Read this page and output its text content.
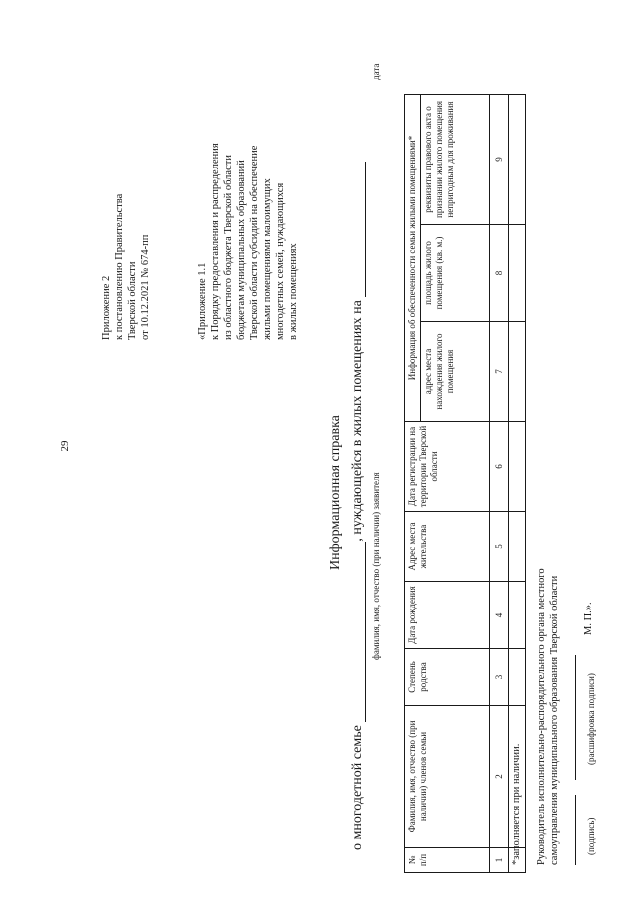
29
Приложение 2 к постановлению Правительства Тверской области от 10.12.2021 № 674-пп	«Приложение 1.1 к Порядку предоставления и распределения из областного бюджета Тверской области бюджетам муниципальных образований Тверской области субсидий на обеспечение жильми помещениями малоимущих многодетных семей, нуждающихся в жилых помещениях
Информационная справка
о многодетной семье , нуждающейся в жилых помещениях на
фамилия, имя, отчество (при наличии) заявителя
дата
№ п/п	Фамилия, имя, отчество (при наличии) членов семьи	Степень родства	Дата рождения	Адрес места жительства	Дата регистрации на территории Тверской области	Информация об обеспеченности семьи жилыми помещениями*		
						адрес места нахождения жилого помещения	площадь жилого помещения (кв. м.)	реквизиты правового акта о признании жилого помещения непригодным для проживания
1	2	3	4	5	6	7	8	9

*заполняется при наличии. Руководитель исполнительно-распорядительного органа местного самоуправления муниципального образования Тверской области	(подпись)
(расшифровка подписи)
М. П.».
